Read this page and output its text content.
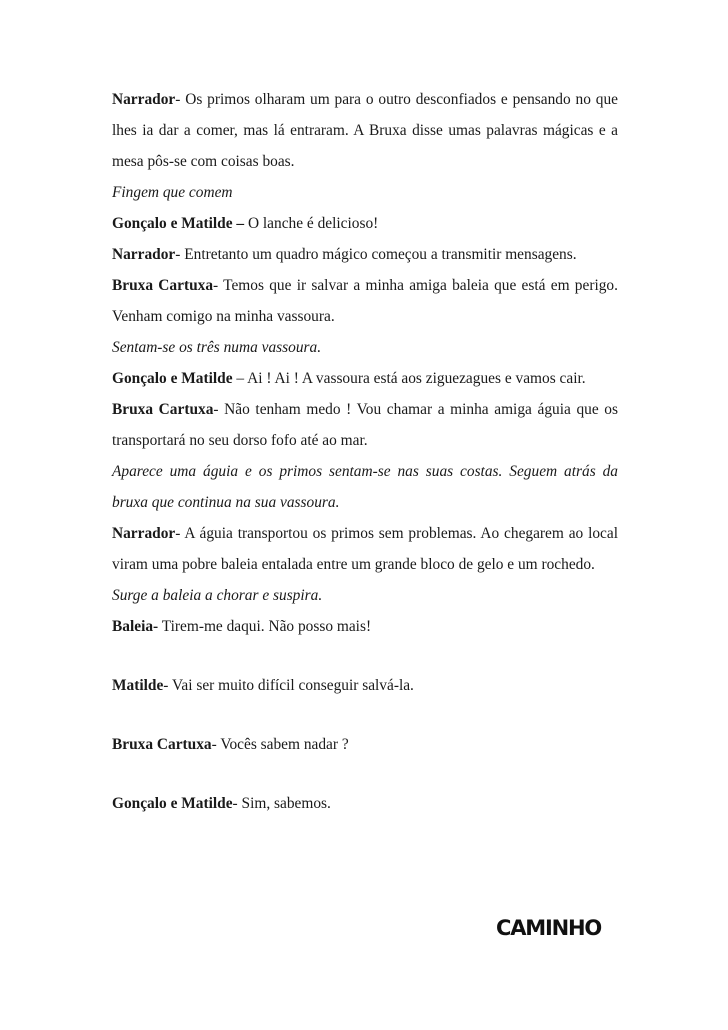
Narrador- Os primos olharam um para o outro desconfiados e pensando no que lhes ia dar a comer, mas lá entraram. A Bruxa disse umas palavras mágicas e a mesa pôs-se com coisas boas.

Fingem que comem

Gonçalo e Matilde – O lanche é delicioso!

Narrador- Entretanto um quadro mágico começou a transmitir mensagens.

Bruxa Cartuxa- Temos que ir salvar a minha amiga baleia que está em perigo. Venham comigo na minha vassoura.

Sentam-se os três numa vassoura.

Gonçalo e Matilde – Ai ! Ai ! A vassoura está aos ziguezagues e vamos cair.

Bruxa Cartuxa- Não tenham medo ! Vou chamar a minha amiga águia que os transportará no seu dorso fofo até ao mar.

Aparece uma águia e os primos sentam-se nas suas costas. Seguem atrás da bruxa que continua na sua vassoura.

Narrador- A águia transportou os primos sem problemas. Ao chegarem ao local viram uma pobre baleia entalada entre um grande bloco de gelo e um rochedo.

Surge a baleia a chorar e suspira.

Baleia- Tirem-me daqui. Não posso mais!

Matilde- Vai ser muito difícil conseguir salvá-la.

Bruxa Cartuxa- Vocês sabem nadar ?

Gonçalo e Matilde- Sim, sabemos.

CAMINHO
